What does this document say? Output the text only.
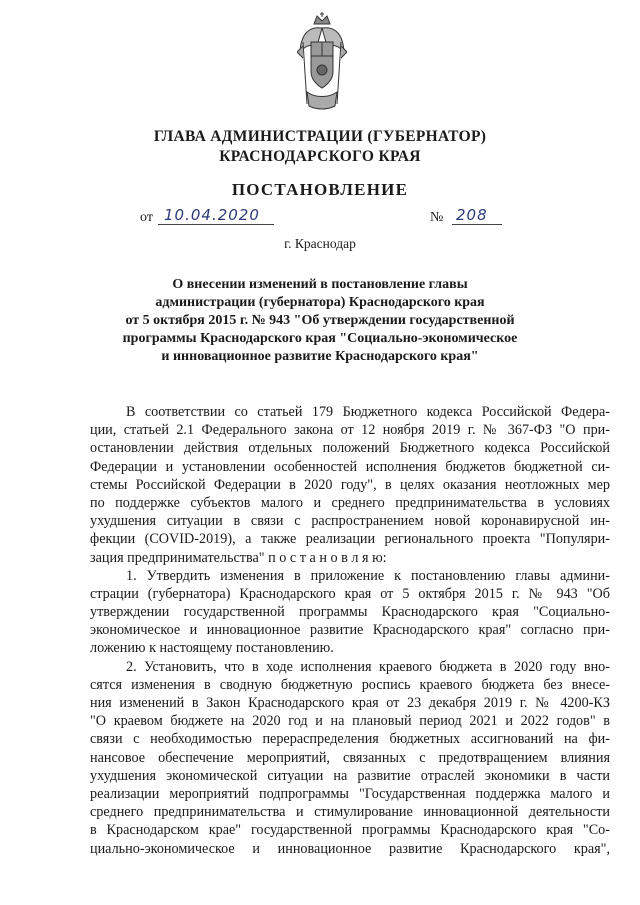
ГЛАВА АДМИНИСТРАЦИИ (ГУБЕРНАТОР)
КРАСНОДАРСКОГО КРАЯ
ПОСТАНОВЛЕНИЕ
от 10.04.2020	№ 208
г. Краснодар
О внесении изменений в постановление главы
администрации (губернатора) Краснодарского края
от 5 октября 2015 г. № 943 "Об утверждении государственной
программы Краснодарского края "Социально-экономическое
и инновационное развитие Краснодарского края"
В соответствии со статьей 179 Бюджетного кодекса Российской Федера-
ции, статьей 2.1 Федерального закона от 12 ноября 2019 г. № 367-ФЗ "О при-
остановлении действия отдельных положений Бюджетного кодекса Российской
Федерации и установлении особенностей исполнения бюджетов бюджетной си-
стемы Российской Федерации в 2020 году", в целях оказания неотложных мер
по поддержке субъектов малого и среднего предпринимательства в условиях
ухудшения ситуации в связи с распространением новой коронавирусной ин-
фекции (COVID-2019), а также реализации регионального проекта "Популяри-
зация предпринимательства" п о с т а н о в л я ю:
1. Утвердить изменения в приложение к постановлению главы админи-
страции (губернатора) Краснодарского края от 5 октября 2015 г. № 943 "Об
утверждении государственной программы Краснодарского края "Социально-
экономическое и инновационное развитие Краснодарского края" согласно при-
ложению к настоящему постановлению.
2. Установить, что в ходе исполнения краевого бюджета в 2020 году вно-
сятся изменения в сводную бюджетную роспись краевого бюджета без внесе-
ния изменений в Закон Краснодарского края от 23 декабря 2019 г. № 4200-КЗ
"О краевом бюджете на 2020 год и на плановый период 2021 и 2022 годов" в
связи с необходимостью перераспределения бюджетных ассигнований на фи-
нансовое обеспечение мероприятий, связанных с предотвращением влияния
ухудшения экономической ситуации на развитие отраслей экономики в части
реализации мероприятий подпрограммы "Государственная поддержка малого и
среднего предпринимательства и стимулирование инновационной деятельности
в Краснодарском крае" государственной программы Краснодарского края "Со-
циально-экономическое и инновационное развитие Краснодарского края",
